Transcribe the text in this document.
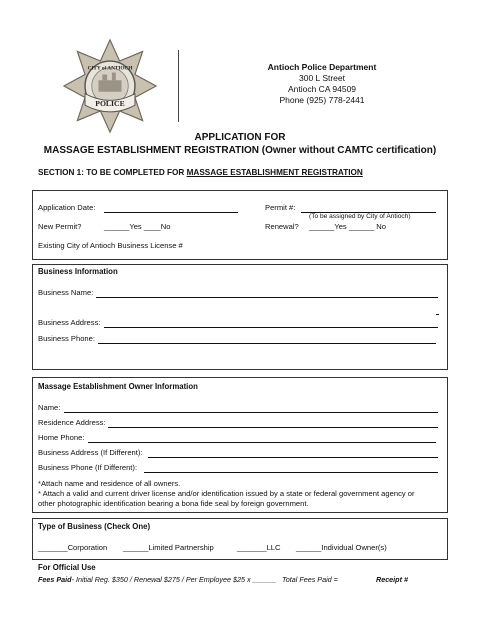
POLICE
CITY of ANTIOCH	Antioch Police Department
300 L Street
Antioch CA 94509
Phone (925) 778-2441
APPLICATION FOR
MASSAGE ESTABLISHMENT REGISTRATION (Owner without CAMTC certification)
SECTION 1: TO BE COMPLETED FOR MASSAGE ESTABLISHMENT REGISTRATION
Application Date:	Permit #:
(To be assigned by City of Antioch)
New Permit?	______Yes ____No	Renewal? ______Yes ______ No
Existing City of Antioch Business License #
Business Information
Business Name:
Business Address:
Business Phone:
Massage Establishment Owner Information
Name:
Residence Address:
Home Phone:
Business Address (If Different):
Business Phone (If Different):
*Attach name and residence of all owners.
* Attach a valid and current driver license and/or identification issued by a state or federal government agency or
other photographic identification bearing a bona fide seal by foreign government.
Type of Business (Check One)
_______Corporation ______Limited Partnership	_______LLC ______Individual Owner(s)
For Official Use
Fees Paid- Initial Reg. $350 / Renewal $275 / Per Employee $25 x ______ Total Fees Paid =	Receipt #
